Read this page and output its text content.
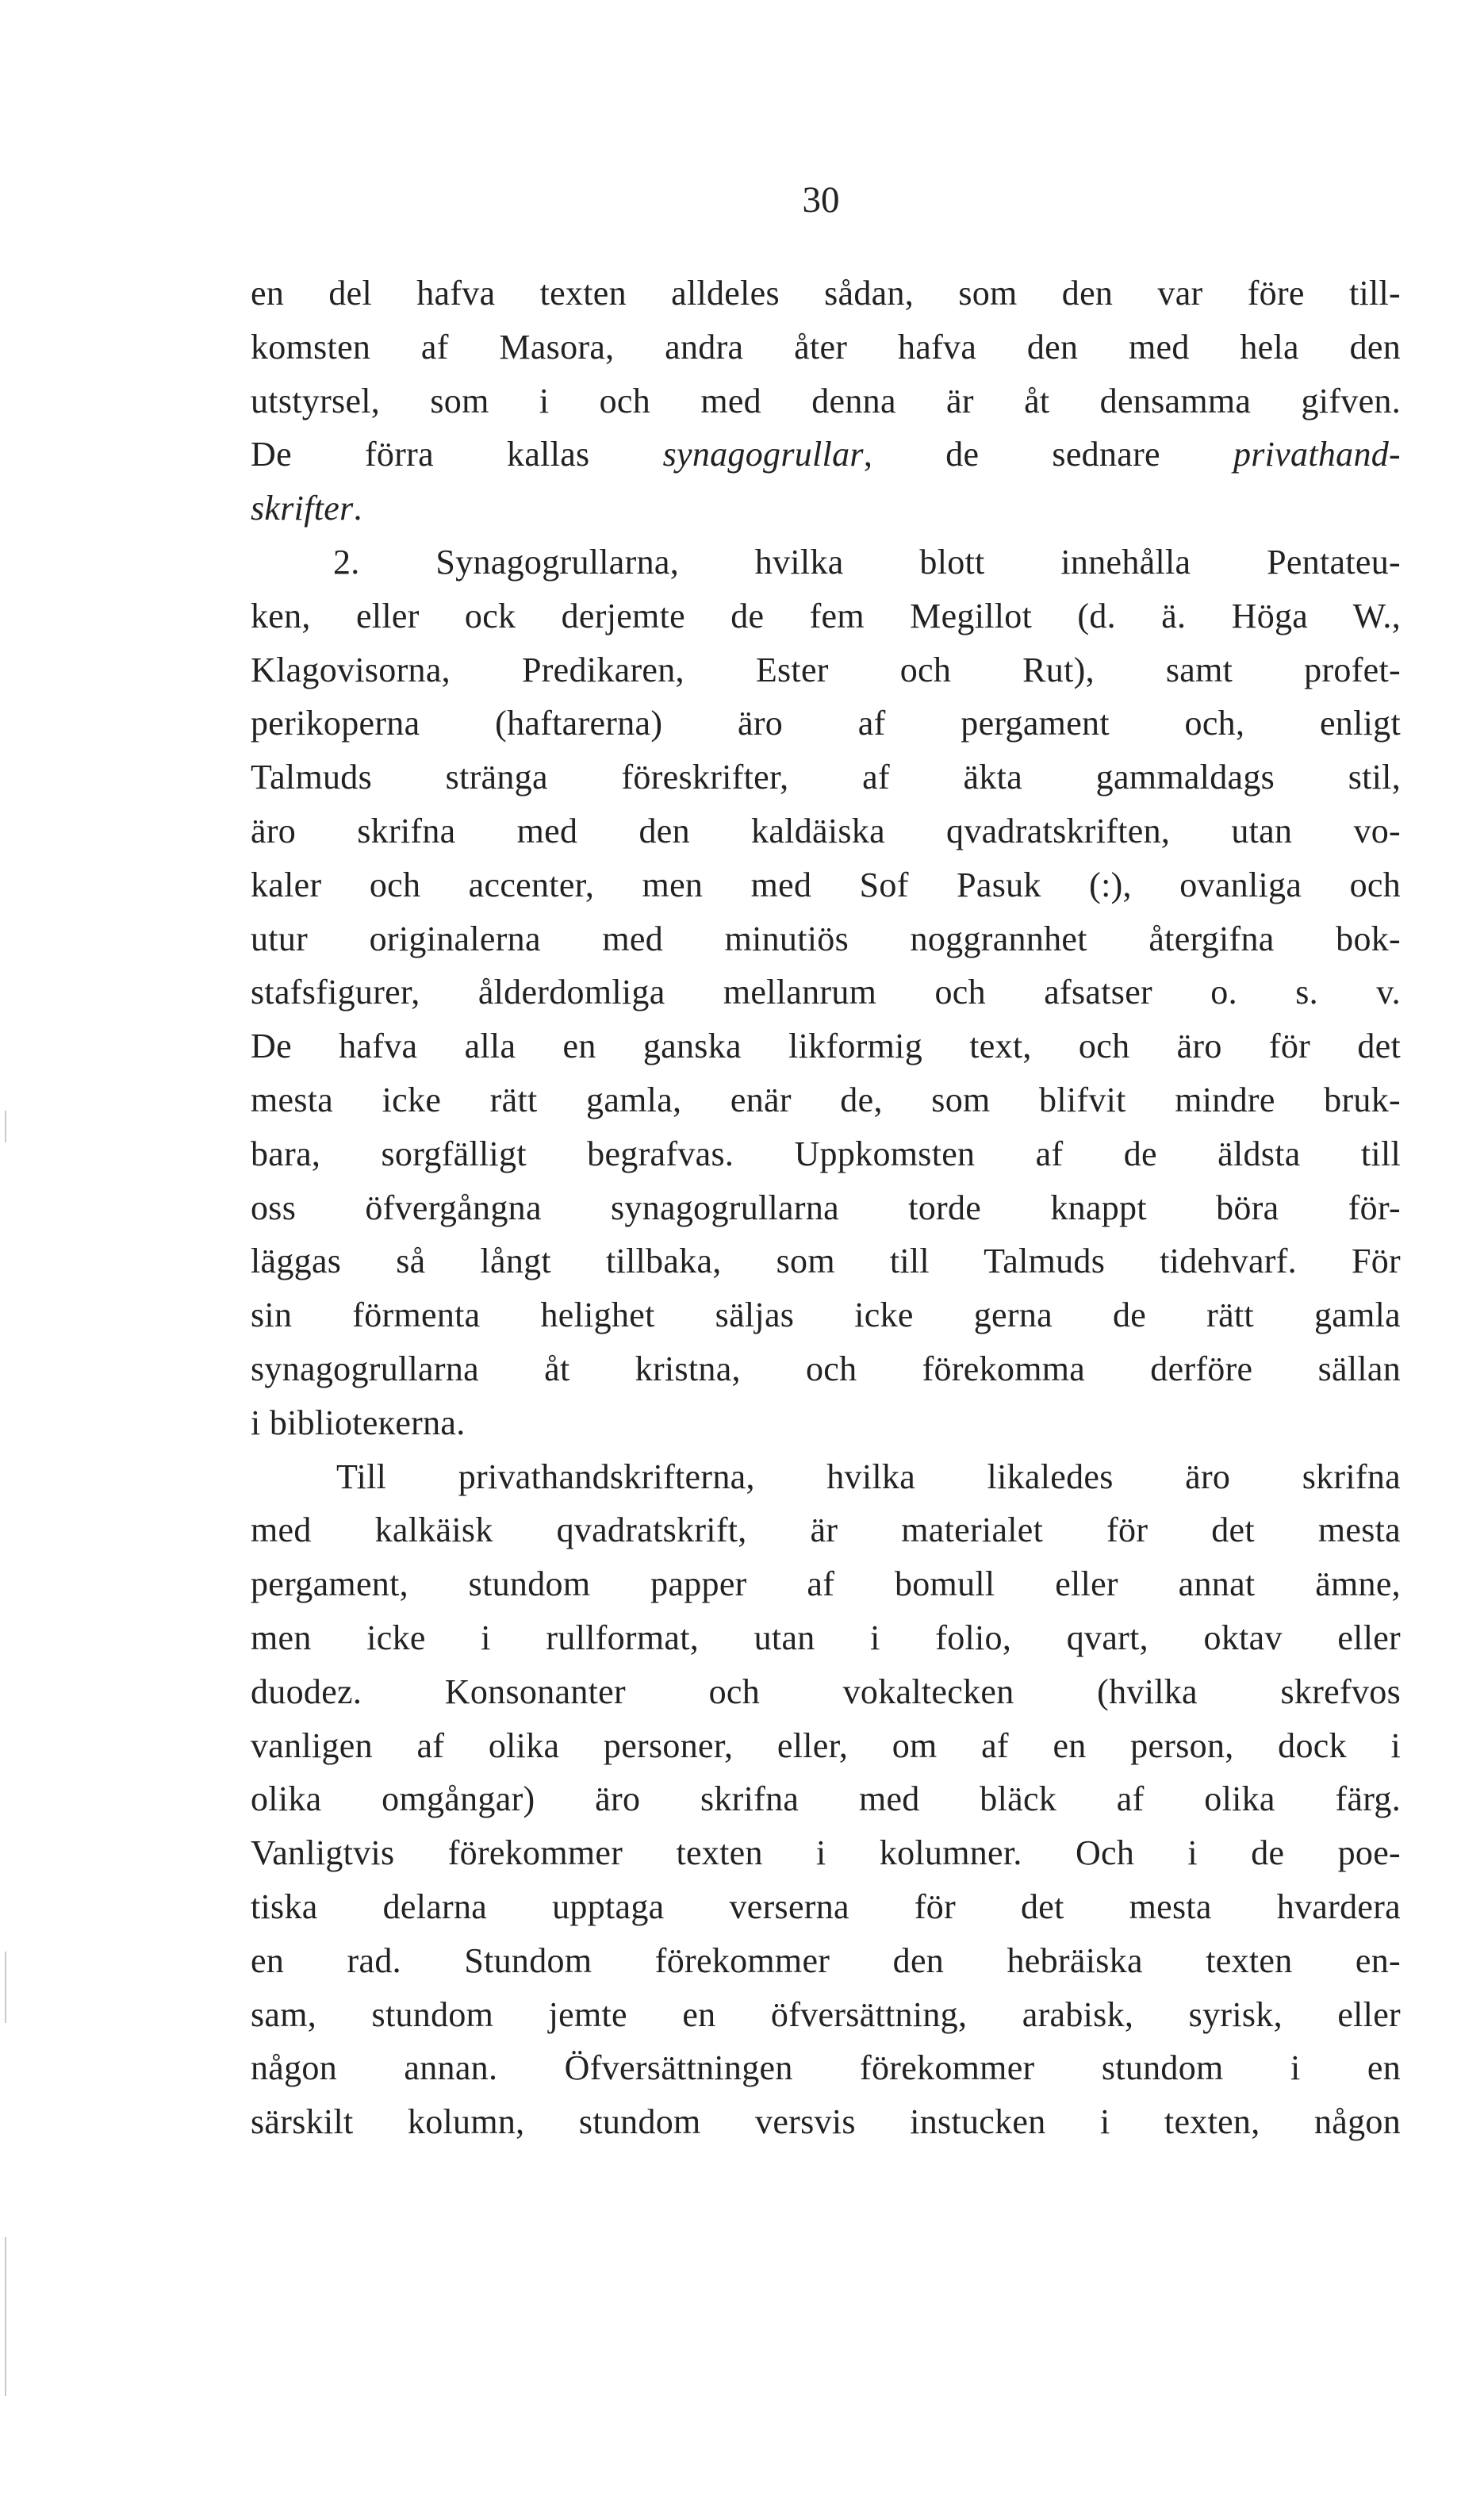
30
en del hafva texten alldeles sådan, som den var före till-
komsten af Masora, andra åter hafva den med hela den
utstyrsel, som i och med denna är åt densamma gifven.
De förra kallas synagogrullar, de sednare privathand-
skrifter.
2. Synagogrullarna, hvilka blott innehålla Pentateu-
ken, eller ock derjemte de fem Megillot (d. ä. Höga W.,
Klagovisorna, Predikaren, Ester och Rut), samt profet-
perikoperna (haftarerna) äro af pergament och, enligt
Talmuds stränga föreskrifter, af äkta gammaldags stil,
äro skrifna med den kaldäiska qvadratskriften, utan vo-
kaler och accenter, men med Sof Pasuk (:), ovanliga och
utur originalerna med minutiös noggrannhet återgifna bok-
stafsfigurer, ålderdomliga mellanrum och afsatser o. s. v.
De hafva alla en ganska likformig text, och äro för det
mesta icke rätt gamla, enär de, som blifvit mindre bruk-
bara, sorgfälligt begrafvas. Uppkomsten af de äldsta till
oss öfvergångna synagogrullarna torde knappt böra för-
läggas så långt tillbaka, som till Talmuds tidehvarf. För
sin förmenta helighet säljas icke gerna de rätt gamla
synagogrullarna åt kristna, och förekomma derföre sällan
i biblioteкerna.
Till privathandskrifterna, hvilka likaledes äro skrifna
med kalkäisk qvadratskrift, är materialet för det mesta
pergament, stundom papper af bomull eller annat ämne,
men icke i rullformat, utan i folio, qvart, oktav eller
duodez. Konsonanter och vokaltecken (hvilka skrefvos
vanligen af olika personer, eller, om af en person, dock i
olika omgångar) äro skrifna med bläck af olika färg.
Vanligtvis förekommer texten i kolumner. Och i de poe-
tiska delarna upptaga verserna för det mesta hvardera
en rad. Stundom förekommer den hebräiska texten en-
sam, stundom jemte en öfversättning, arabisk, syrisk, eller
någon annan. Öfversättningen förekommer stundom i en
särskilt kolumn, stundom versvis instucken i texten, någon
